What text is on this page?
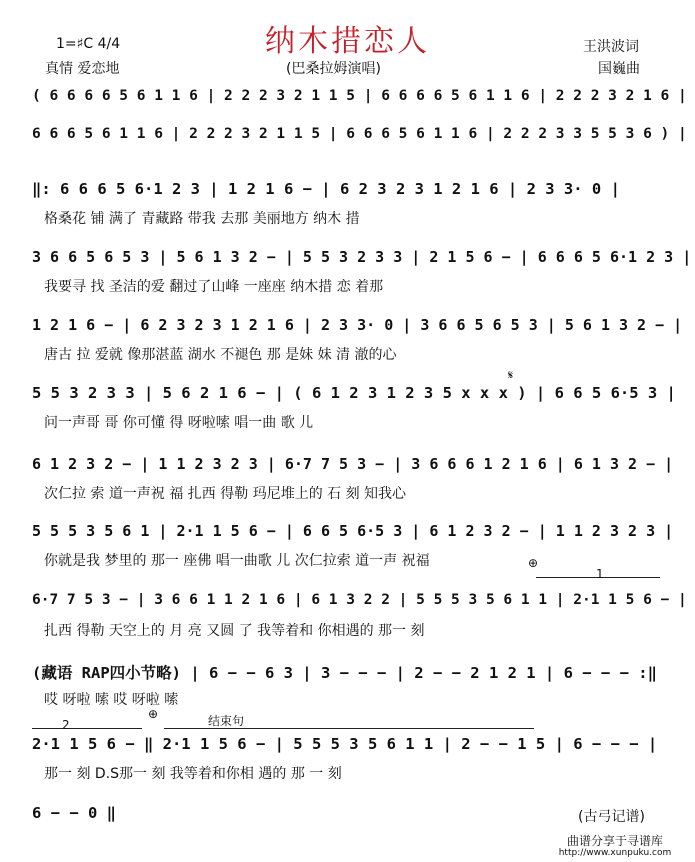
纳木措恋人
1=♯C 4/4
真情 爱恋地	(巴桑拉姆演唱)
王洪波词
国巍曲
( 6 6 6 6 5 6 1 1 6 | 2 2 2 3 2 1 1 5 | 6 6 6 6 5 6 1 1 6 | 2 2 2 3 2 1 6 |
6 6 6 5 6 1 1 6 | 2 2 2 3 2 1 1 5 | 6 6 6 5 6 1 1 6 | 2 2 2 3 3 5 5 3 6 ) |
‖: 6 6 6 5 6·1 2 3 | 1 2 1 6 − | 6 2 3 2 3 1 2 1 6 | 2 3 3· 0 |
格桑花 铺 满了 青藏路 带我 去那 美丽地方 纳木 措
3 6 6 5 6 5 3 | 5 6 1 3 2 − | 5 5 3 2 3 3 | 2 1 5 6 − | 6 6 6 5 6·1 2 3 |
我要寻 找 圣洁的爱 翻过了山峰 一座座 纳木措 恋 着那
1 2 1 6 − | 6 2 3 2 3 1 2 1 6 | 2 3 3· 0 | 3 6 6 5 6 5 3 | 5 6 1 3 2 − |
唐古 拉 爱就 像那湛蓝 湖水 不褪色 那 是妹 妹 清 澈的心
5 5 3 2 3 3 | 5 6 2 1 6 − | ( 6 1 2 3 1 2 3 5 x x x ) | 6 6 5 6·5 3 |
问一声哥 哥 你可懂 得 呀啦嗦 唱一曲 歌 儿
6 1 2 3 2 − | 1 1 2 3 2 3 | 6·7 7 5 3 − | 3 6 6 6 1 2 1 6 | 6 1 3 2 − |
次仁拉 索 道一声祝 福 扎西 得勒 玛尼堆上的 石 刻 知我心
5 5 5 3 5 6 1 | 2·1 1 5 6 − | 6 6 5 6·5 3 | 6 1 2 3 2 − | 1 1 2 3 2 3 |
你就是我 梦里的 那一 座佛 唱一曲歌 儿 次仁拉索 道一声 祝福
6·7 7 5 3 − | 3 6 6 1 1 2 1 6 | 6 1 3 2 2 | 5 5 5 3 5 6 1 1 | 2·1 1 5 6 − |
扎西 得勒 天空上的 月 亮 又圆 了 我等着和 你相遇的 那一 刻
(藏语 RAP四小节略) | 6 − − 6 3 | 3 − − − | 2 − − 2 1 2 1 | 6 − − − :‖
哎 呀啦 嗦 哎 呀啦 嗦
2·1 1 5 6 − ‖ 2·1 1 5 6 − | 5 5 5 3 5 6 1 1 | 2 − − 1 5 | 6 − − − |
那一 刻 D.S那一 刻 我等着和你相 遇的 那 一 刻
6 − − 0 ‖
𝄋
⊕
⊕	结束句
1
2
(古弓记谱)
曲谱分享于寻谱库
http://www.xunpuku.com
